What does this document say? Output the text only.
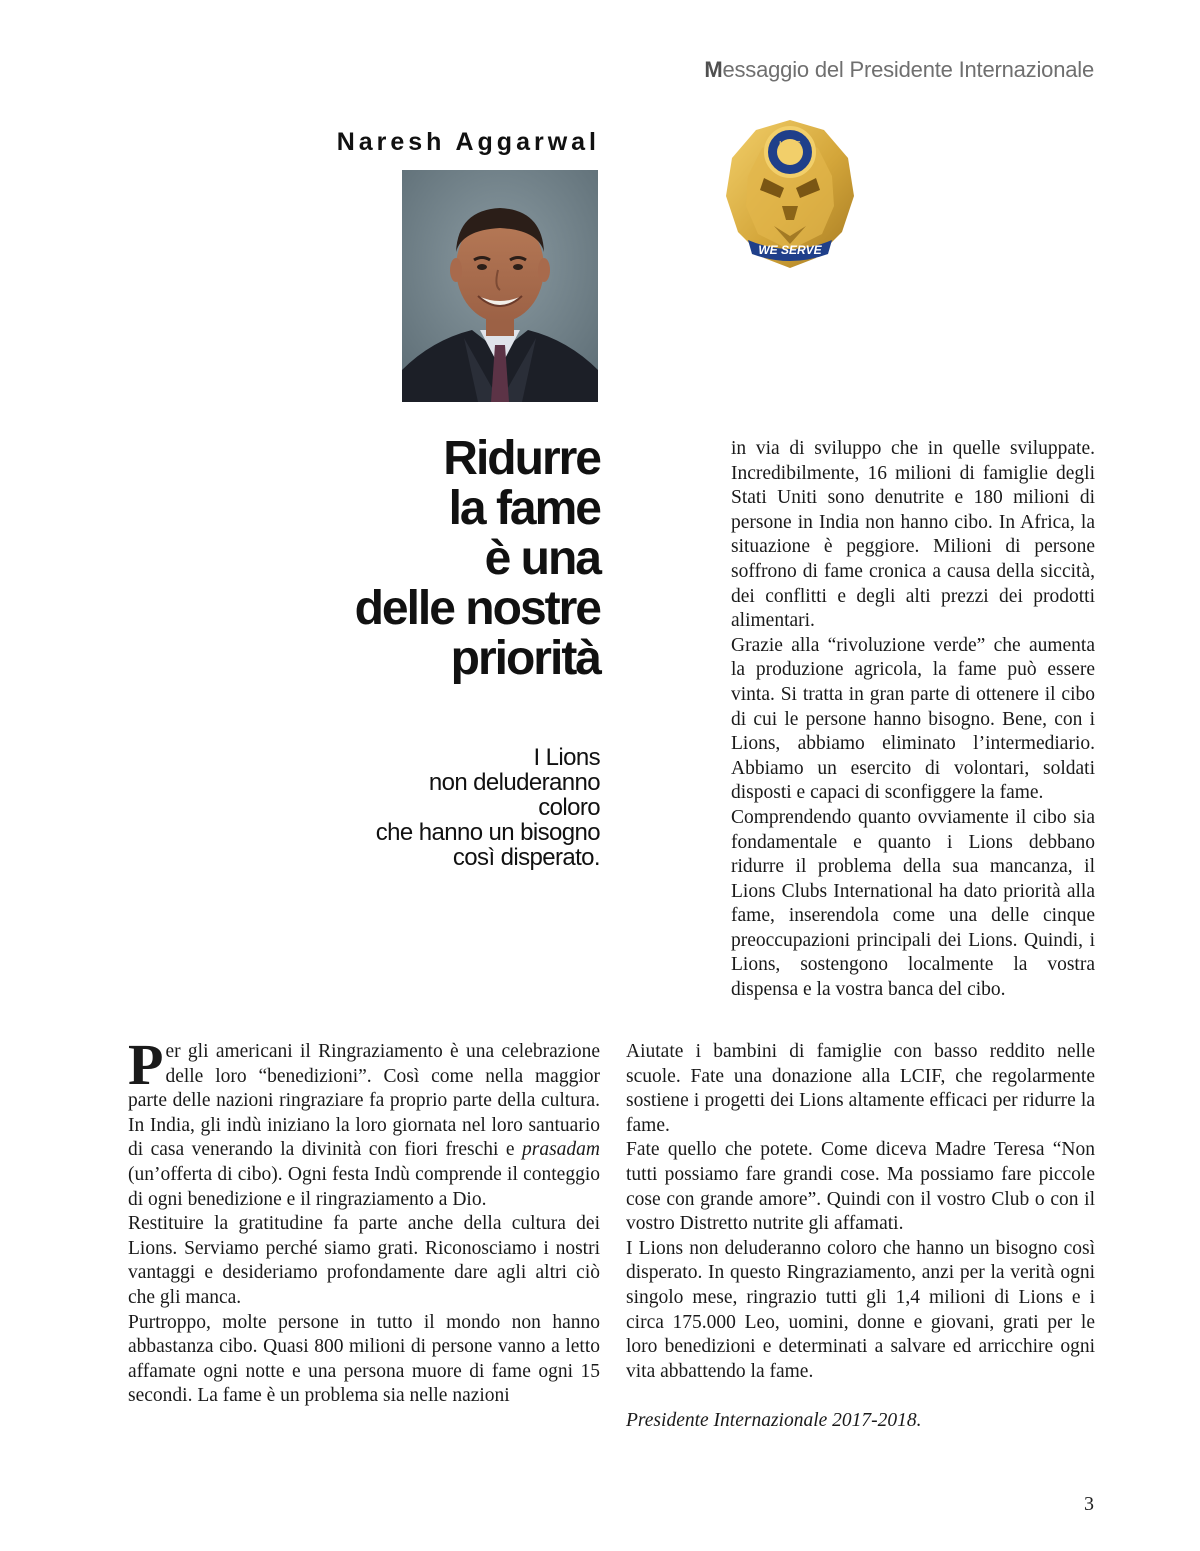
Messaggio del Presidente Internazionale
Naresh Aggarwal	LIONS
WE SERVE
Ridurre
la fame
è una
delle nostre
priorità
I Lions
non deluderanno
coloro
che hanno un bisogno
così disperato.

in via di sviluppo che in quelle sviluppate. Incredibilmente, 16 milioni di famiglie degli Stati Uniti sono denutrite e 180 milioni di persone in India non hanno cibo. In Africa, la situazione è peggiore. Milioni di persone soffrono di fame cronica a causa della siccità, dei conflitti e degli alti prezzi dei prodotti alimentari.

Grazie alla “rivoluzione verde” che aumenta la produzione agricola, la fame può essere vinta. Si tratta in gran parte di ottenere il cibo di cui le persone hanno bisogno. Bene, con i Lions, abbiamo eliminato l’intermediario. Abbiamo un esercito di volontari, soldati disposti e capaci di sconfiggere la fame.

Comprendendo quanto ovviamente il cibo sia fondamentale e quanto i Lions debbano ridurre il problema della sua mancanza, il Lions Clubs International ha dato priorità alla fame, inserendola come una delle cinque preoccupazioni principali dei Lions. Quindi, i Lions, sostengono localmente la vostra dispensa e la vostra banca del cibo.

Per gli americani il Ringraziamento è una celebrazione delle loro “benedizioni”. Così come nella maggior parte delle nazioni ringraziare fa proprio parte della cultura. In India, gli indù iniziano la loro giornata nel loro santuario di casa venerando la divinità con fiori freschi e prasadam (un’offerta di cibo). Ogni festa Indù comprende il conteggio di ogni benedizione e il ringraziamento a Dio.

Restituire la gratitudine fa parte anche della cultura dei Lions. Serviamo perché siamo grati. Riconosciamo i nostri vantaggi e desideriamo profondamente dare agli altri ciò che gli manca.

Purtroppo, molte persone in tutto il mondo non hanno abbastanza cibo. Quasi 800 milioni di persone vanno a letto affamate ogni notte e una persona muore di fame ogni 15 secondi. La fame è un problema sia nelle nazioni

Aiutate i bambini di famiglie con basso reddito nelle scuole. Fate una donazione alla LCIF, che regolarmente sostiene i progetti dei Lions altamente efficaci per ridurre la fame.

Fate quello che potete. Come diceva Madre Teresa “Non tutti possiamo fare grandi cose. Ma possiamo fare piccole cose con grande amore”. Quindi con il vostro Club o con il vostro Distretto nutrite gli affamati.

I Lions non deluderanno coloro che hanno un bisogno così disperato. In questo Ringraziamento, anzi per la verità ogni singolo mese, ringrazio tutti gli 1,4 milioni di Lions e i circa 175.000 Leo, uomini, donne e giovani, grati per le loro benedizioni e determinati a salvare ed arricchire ogni vita abbattendo la fame.

Presidente Internazionale 2017-2018.

3
